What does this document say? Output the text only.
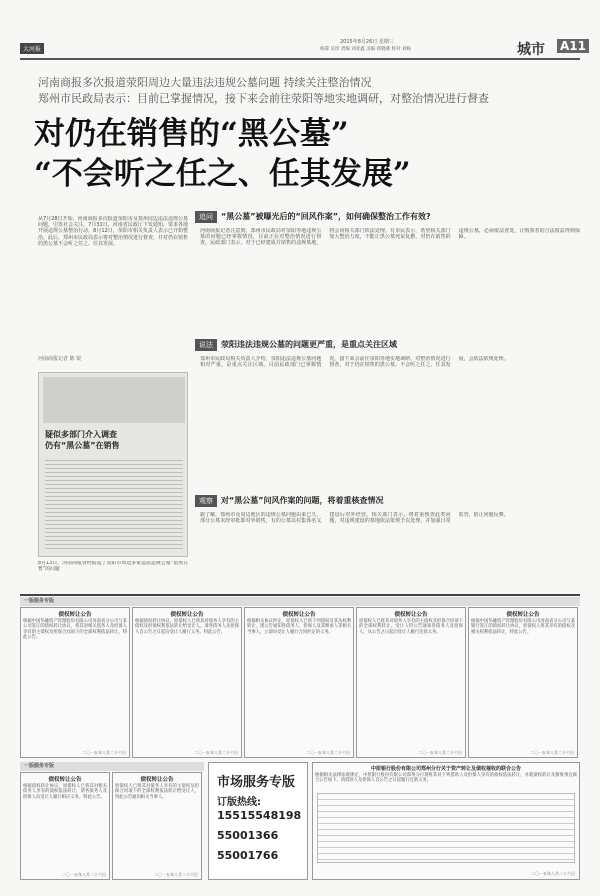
大河报
2015年8月26日 星期三
统筹 吴彤 责编 刘亚鑫 美编 蒋晓燕 校对 刘杨	城市 A11
河南商报多次报道荥阳周边大量违法违规公墓问题 持续关注整治情况
郑州市民政局表示：目前已掌握情况，接下来会前往荥阳等地实地调研，对整治情况进行督查
对仍在销售的“黑公墓”
“不会听之任之、任其发展”
从7月28日开始，河南商报多次报道荥阳市及郑州周边违法违规公墓问题，引发社会关注。7月31日，河南省民政厅下发通知，要求各地开展违规公墓整治行动。8月12日，荥阳市相关负责人表示已开始整治。此后，郑州市民政局表示将对整治情况进行督查，并对仍在销售的黑公墓不会听之任之、任其发展。
河南商报记者 陈 锐
疑似多部门介入调查
仍有“黑公墓”在销售
8月13日，河南商报曾经报道了荥阳市周边多家违法违规公墓“依然在售”的问题
追问	“黑公墓”被曝光后的“回风作案”，如何确保整治工作有效?
河南商报记者注意到，郑州市民政局对荥阳等地违规公墓的问题已经掌握情况，目前正在对整治情况进行督查。民政部门表示，对于已经建成并销售的违规墓地，将会同相关部门依法处理。有市民表示，希望相关部门加大整治力度，不能让黑公墓死灰复燃，对仍在销售的违规公墓，必须依法查处，让购墓者的合法权益得到保障。
说法	荥阳违法违规公墓的问题更严重，是重点关注区域
郑州市民政局相关负责人介绍，荥阳违法违规公墓问题相对严重，是重点关注区域。目前民政部门已掌握情况，接下来会前往荥阳等地实地调研，对整治情况进行督查，对于仍在销售的黑公墓，不会听之任之、任其发展，会依法依规处理。
观察	对“黑公墓”问风作案的问题，将着重核查情况
据了解，郑州市及周边地区的违规公墓问题由来已久，部分公墓未经审批即对外销售，有的公墓以村集体名义建设后对外经营。相关部门表示，将着重核查此类问题，对违规建设的墓地依法依规予以处理，并加强日常监管，防止问题反弹。
一版服务专版
债权转让公告
根据中国华融资产管理股份有限公司河南省分公司与某公司签订的债权转让协议，将其对相关债务人及担保人享有的主债权及担保合同项下的全部权利依法转让。特此公告。
二〇一五年八月二十六日
债权转让公告
根据债权转让协议，原债权人已将其对债务人享有的主债权及担保权利依法转让给受让人。请各债务人及担保人自公告之日起向受让人履行义务。特此公告。
二〇一五年八月二十六日
债权转让公告
根据相关协议约定，原债权人已将下列债权及其从权利转让，现公告通知各债务人、担保人及其继承人等相关当事人，立即向受让人履行合同约定的义务。
二〇一五年八月二十六日
债权转让公告
原债权人已将其对债务人享有的主债权及担保合同项下的全部权利转让。受让人特公告通知各债务人及担保人，从公告之日起向受让人履行还款义务。
二〇一五年八月二十六日
债权转让公告
根据中国华融资产管理股份有限公司河南省分公司与某银行签订的债权转让协议，原债权人将其享有的债权及相关权利依法转让，特此公告。
二〇一五年八月二十六日
一版服务专版
债权转让公告
根据债权转让协议，原债权人已将其对相关债务人享有的债权依法转让，请各债务人及担保人向受让人履行相应义务。特此公告。
二〇一五年八月二十六日
债权转让公告
原债权人已将其对债务人享有的主债权及担保合同项下的全部权利依法转让给受让人，特此公告通知相关当事人。
二〇一五年八月二十六日
市场服务专版
订版热线:
15515548198
55001366
55001766
中原银行股份有限公司郑州分行关于资产转让及债权催收的联合公告
根据相关法律法规规定，中原银行股份有限公司郑州分行现将其对下列借款人及担保人享有的债权依法转让，并就债权转让及催收事宜联合公告如下。请借款人及担保人自公告之日起履行还款义务。
二〇一五年八月二十六日
